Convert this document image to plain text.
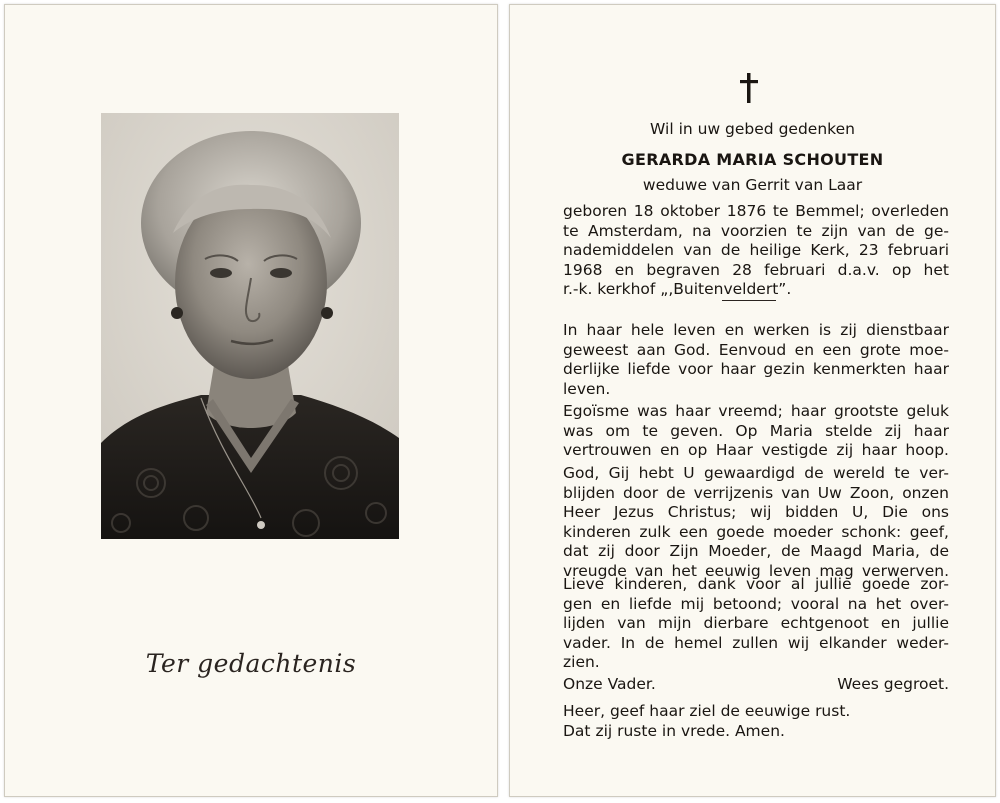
Ter gedachtenis
Wil in uw gebed gedenken
GERARDA MARIA SCHOUTEN
weduwe van Gerrit van Laar
geboren 18 oktober 1876 te Bemmel; overleden
te Amsterdam, na voorzien te zijn van de ge-
nademiddelen van de heilige Kerk, 23 februari
1968 en begraven 28 februari d.a.v. op het
r.-k. kerkhof „,Buitenveldert”.
In haar hele leven en werken is zij dienstbaar
geweest aan God. Eenvoud en een grote moe-
derlijke liefde voor haar gezin kenmerkten haar
leven.
Egoïsme was haar vreemd; haar grootste geluk
was om te geven. Op Maria stelde zij haar
vertrouwen en op Haar vestigde zij haar hoop.
God, Gij hebt U gewaardigd de wereld te ver-
blijden door de verrijzenis van Uw Zoon, onzen
Heer Jezus Christus; wij bidden U, Die ons
kinderen zulk een goede moeder schonk: geef,
dat zij door Zijn Moeder, de Maagd Maria, de
vreugde van het eeuwig leven mag verwerven.
Lieve kinderen, dank voor al jullie goede zor-
gen en liefde mij betoond; vooral na het over-
lijden van mijn dierbare echtgenoot en jullie
vader. In de hemel zullen wij elkander weder-
zien.
Onze Vader.	Wees gegroet.
Heer, geef haar ziel de eeuwige rust.
Dat zij ruste in vrede. Amen.
